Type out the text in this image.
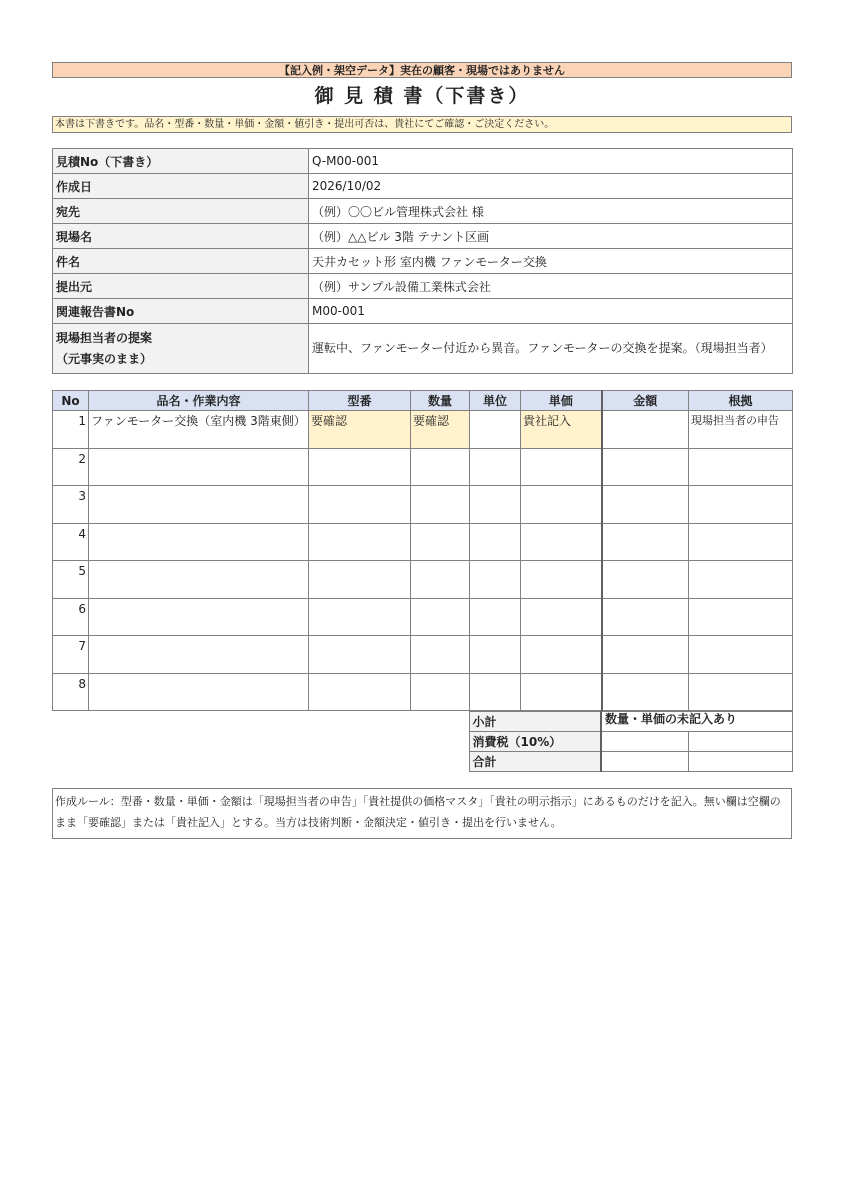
【記入例・架空データ】実在の顧客・現場ではありません
御 見 積 書（下書き）
本書は下書きです。品名・型番・数量・単価・金額・値引き・提出可否は、貴社にてご確認・ご決定ください。
見積No（下書き）	Q-M00-001
作成日	2026/10/02
宛先	（例）〇〇ビル管理株式会社 様
現場名	（例）△△ビル 3階 テナント区画
件名	天井カセット形 室内機 ファンモーター交換
提出元	（例）サンプル設備工業株式会社
関連報告書No	M00-001

現場担当者の提案
（元事実のまま）	運転中、ファンモーター付近から異音。ファンモーターの交換を提案。（現場担当者）
No	品名・作業内容	型番	数量	単位	単価	金額	根拠
1	ファンモーター交換（室内機 3階東側）	要確認	要確認		貴社記入		現場担当者の申告
2							
3							
4							
5							
6							
7							
8							
	小計	数量・単価の未記入あり	
	消費税（10%）		
	合計		
作成ルール：型番・数量・単価・金額は「現場担当者の申告」「貴社提供の価格マスタ」「貴社の明示指示」にあるものだけを記入。無い欄は空欄のまま「要確認」または「貴社記入」とする。当方は技術判断・金額決定・値引き・提出を行いません。
